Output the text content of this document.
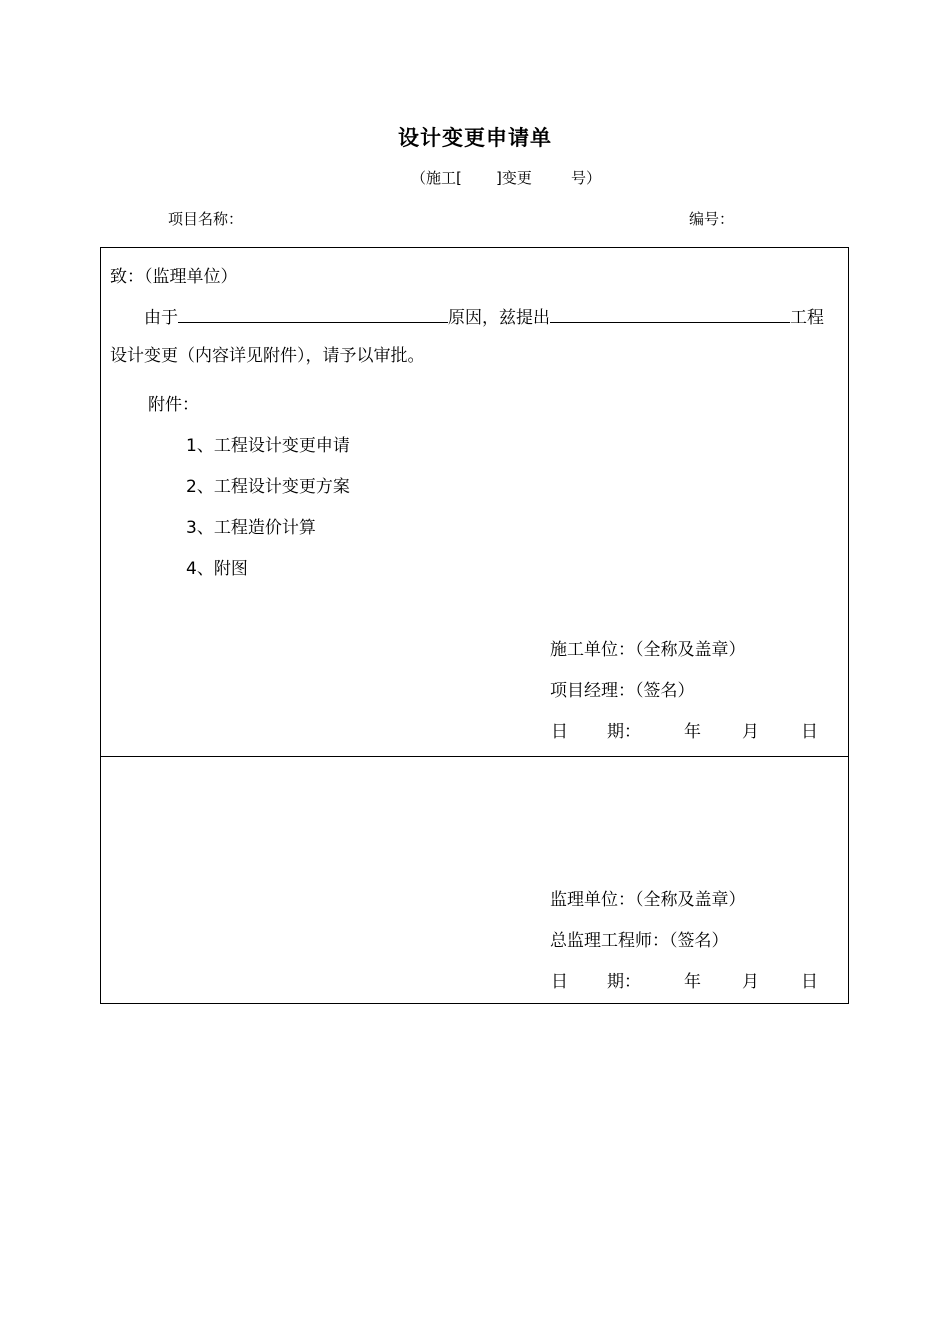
设计变更申请单
（施工[ ]变更	号）
项目名称：	编号：
致：（监理单位）
由于	原因，兹提出	工程
设计变更（内容详见附件），请予以审批。
附件：
1、工程设计变更申请
2、工程设计变更方案
3、工程造价计算
4、附图
施工单位：（全称及盖章）
项目经理：（签名）
日 期：	年 月 日
监理单位：（全称及盖章）
总监理工程师：（签名）
日 期：	年 月 日
